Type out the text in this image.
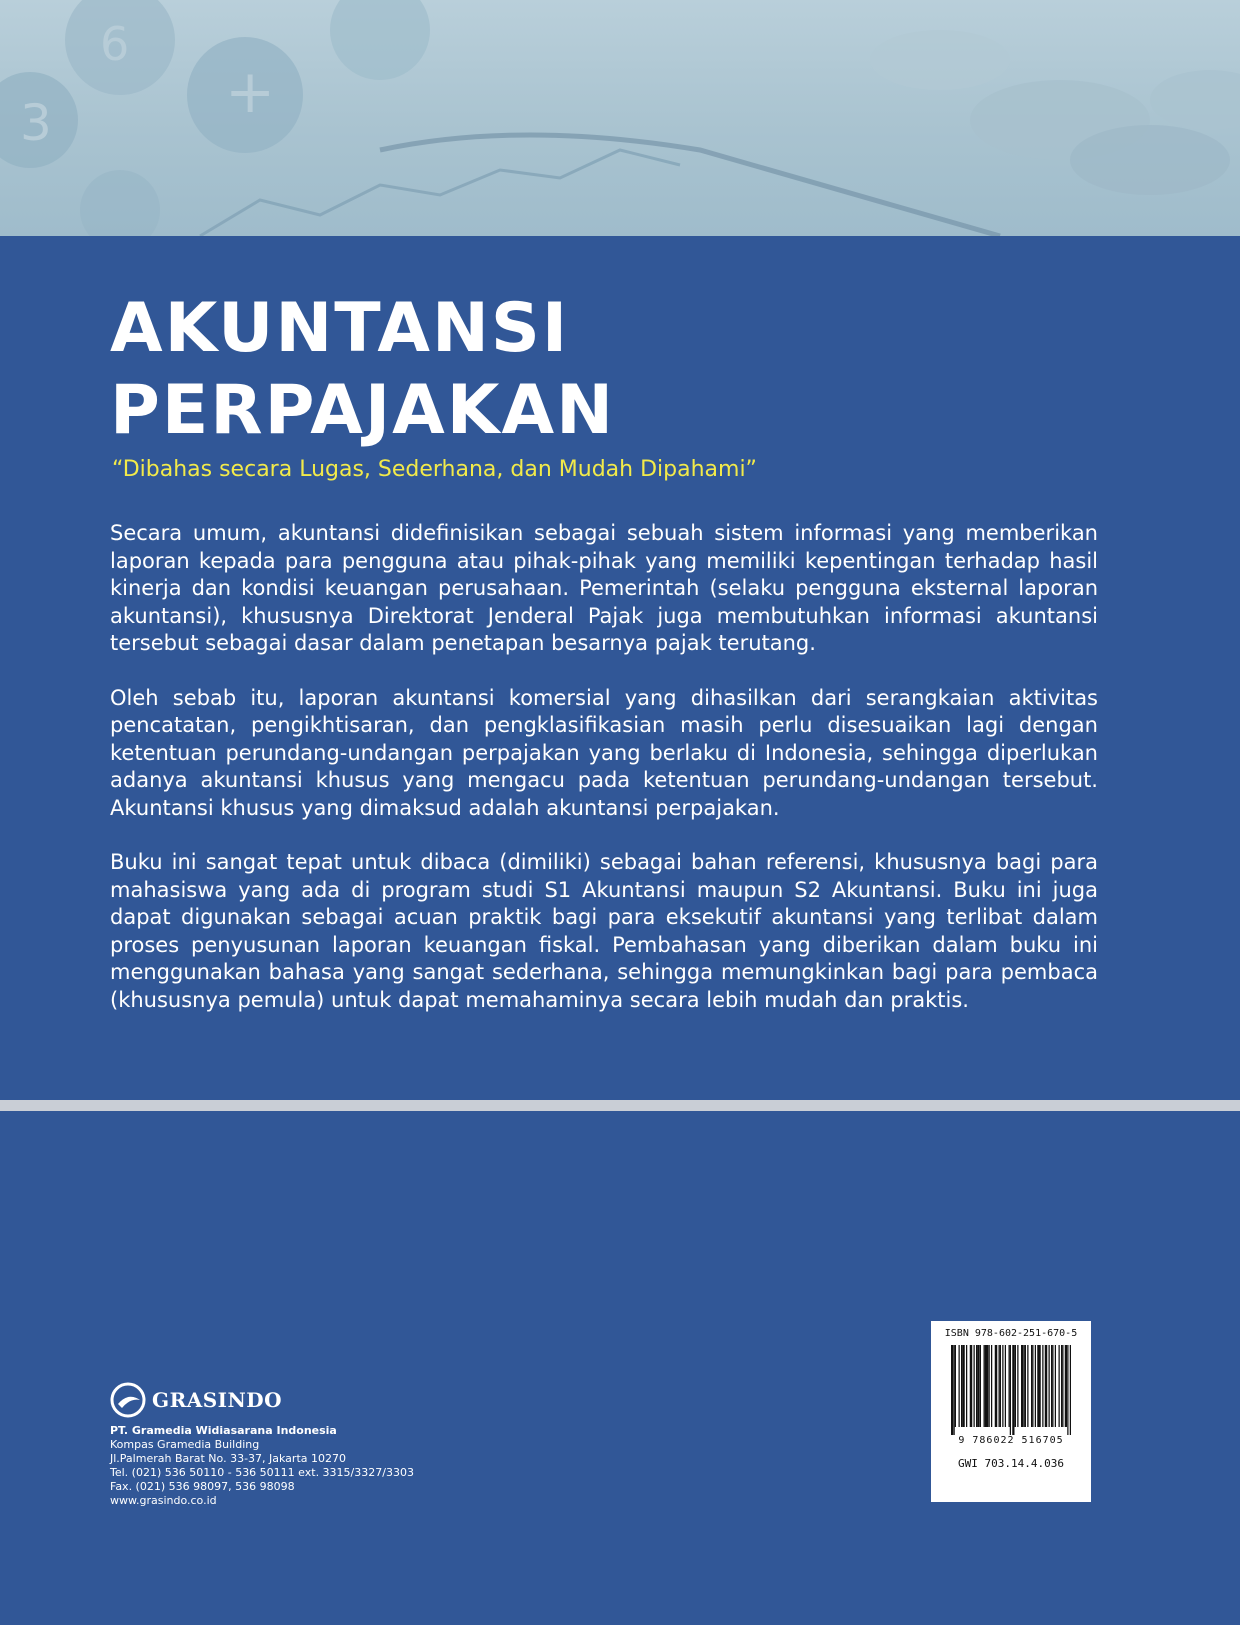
+
3
6
AKUNTANSI
PERPAJAKAN
“Dibahas secara Lugas, Sederhana, dan Mudah Dipahami”

Secara umum, akuntansi didefinisikan sebagai sebuah sistem informasi yang memberikan laporan kepada para pengguna atau pihak-pihak yang memiliki kepentingan terhadap hasil kinerja dan kondisi keuangan perusahaan. Pemerintah (selaku pengguna eksternal laporan akuntansi), khususnya Direktorat Jenderal Pajak juga membutuhkan informasi akuntansi tersebut sebagai dasar dalam penetapan besarnya pajak terutang.

Oleh sebab itu, laporan akuntansi komersial yang dihasilkan dari serangkaian aktivitas pencatatan, pengikhtisaran, dan pengklasifikasian masih perlu disesuaikan lagi dengan ketentuan perundang-undangan perpajakan yang berlaku di Indonesia, sehingga diperlukan adanya akuntansi khusus yang mengacu pada ketentuan perundang-undangan tersebut. Akuntansi khusus yang dimaksud adalah akuntansi perpajakan.

Buku ini sangat tepat untuk dibaca (dimiliki) sebagai bahan referensi, khususnya bagi para mahasiswa yang ada di program studi S1 Akuntansi maupun S2 Akuntansi. Buku ini juga dapat digunakan sebagai acuan praktik bagi para eksekutif akuntansi yang terlibat dalam proses penyusunan laporan keuangan fiskal. Pembahasan yang diberikan dalam buku ini menggunakan bahasa yang sangat sederhana, sehingga memungkinkan bagi para pembaca (khususnya pemula) untuk dapat memahaminya secara lebih mudah dan praktis.

GRASINDO
PT. Gramedia Widiasarana Indonesia
Kompas Gramedia Building
Jl.Palmerah Barat No. 33-37, Jakarta 10270
Tel. (021) 536 50110 - 536 50111 ext. 3315/3327/3303
Fax. (021) 536 98097, 536 98098
www.grasindo.co.id
ISBN 978-602-251-670-5
9 786022 516705
GWI 703.14.4.036
